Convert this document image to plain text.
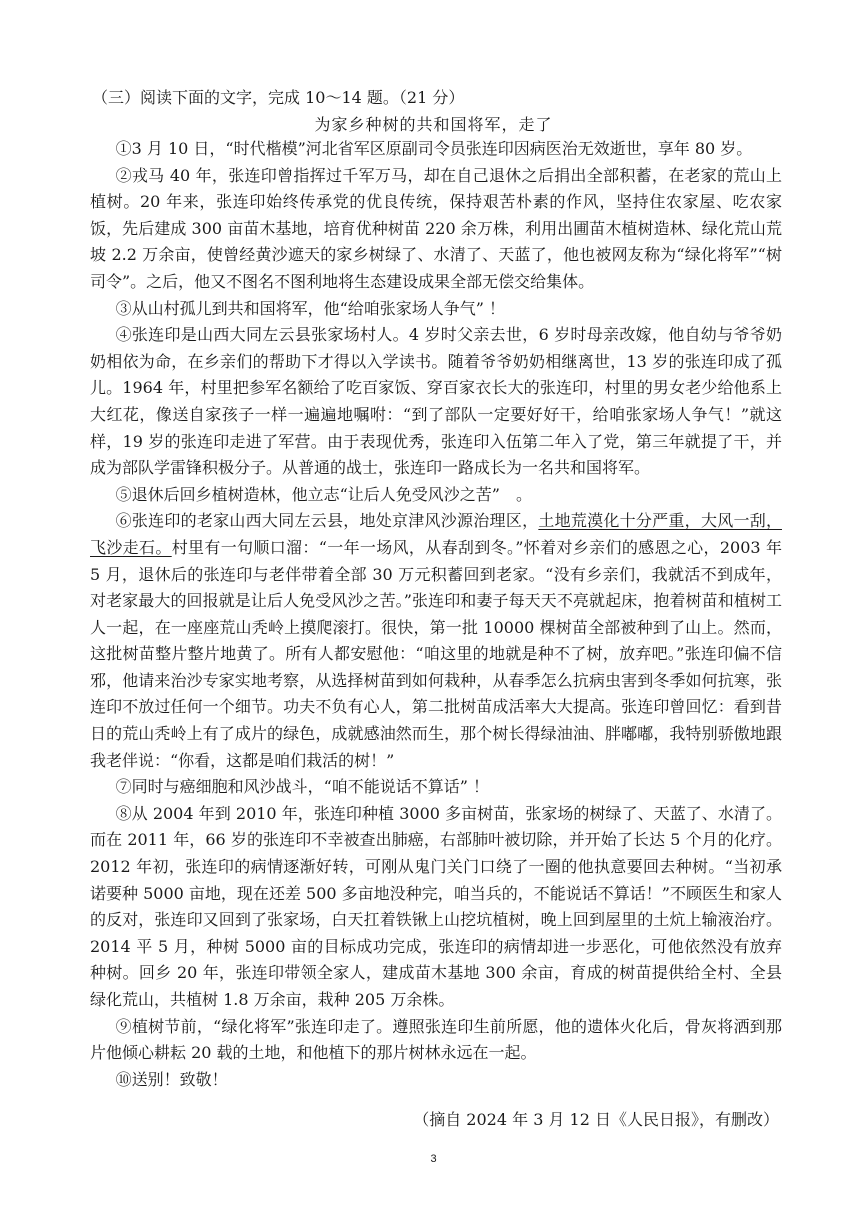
（三）阅读下面的文字，完成 10～14 题。（21 分）
为家乡种树的共和国将军，走了

①3 月 10 日，“时代楷模”河北省军区原副司令员张连印因病医治无效逝世，享年 80 岁。

②戎马 40 年，张连印曾指挥过千军万马，却在自己退休之后捐出全部积蓄，在老家的荒山上植树。20 年来，张连印始终传承党的优良传统，保持艰苦朴素的作风，坚持住农家屋、吃农家饭，先后建成 300 亩苗木基地，培育优种树苗 220 余万株，利用出圃苗木植树造林、绿化荒山荒坡 2.2 万余亩，使曾经黄沙遮天的家乡树绿了、水清了、天蓝了，他也被网友称为“绿化将军”“树司令”。之后，他又不图名不图利地将生态建设成果全部无偿交给集体。

③从山村孤儿到共和国将军，他“给咱张家场人争气” ！

④张连印是山西大同左云县张家场村人。4 岁时父亲去世，6 岁时母亲改嫁，他自幼与爷爷奶奶相依为命，在乡亲们的帮助下才得以入学读书。随着爷爷奶奶相继离世，13 岁的张连印成了孤儿。1964 年，村里把参军名额给了吃百家饭、穿百家衣长大的张连印，村里的男女老少给他系上大红花，像送自家孩子一样一遍遍地嘱咐：“到了部队一定要好好干，给咱张家场人争气！”就这样，19 岁的张连印走进了军营。由于表现优秀，张连印入伍第二年入了党，第三年就提了干，并成为部队学雷锋积极分子。从普通的战士，张连印一路成长为一名共和国将军。

⑤退休后回乡植树造林，他立志“让后人免受风沙之苦”　。

⑥张连印的老家山西大同左云县，地处京津风沙源治理区，土地荒漠化十分严重，大风一刮，飞沙走石。村里有一句顺口溜：“一年一场风，从春刮到冬。”怀着对乡亲们的感恩之心，2003 年 5 月，退休后的张连印与老伴带着全部 30 万元积蓄回到老家。“没有乡亲们，我就活不到成年，对老家最大的回报就是让后人免受风沙之苦。”张连印和妻子每天天不亮就起床，抱着树苗和植树工人一起，在一座座荒山秃岭上摸爬滚打。很快，第一批 10000 棵树苗全部被种到了山上。然而，这批树苗整片整片地黄了。所有人都安慰他：“咱这里的地就是种不了树，放弃吧。”张连印偏不信邪，他请来治沙专家实地考察，从选择树苗到如何栽种，从春季怎么抗病虫害到冬季如何抗寒，张连印不放过任何一个细节。功夫不负有心人，第二批树苗成活率大大提高。张连印曾回忆：看到昔日的荒山秃岭上有了成片的绿色，成就感油然而生，那个树长得绿油油、胖嘟嘟，我特别骄傲地跟我老伴说：“你看，这都是咱们栽活的树！”

⑦同时与癌细胞和风沙战斗，“咱不能说话不算话” ！

⑧从 2004 年到 2010 年，张连印种植 3000 多亩树苗，张家场的树绿了、天蓝了、水清了。而在 2011 年，66 岁的张连印不幸被查出肺癌，右部肺叶被切除，并开始了长达 5 个月的化疗。2012 年初，张连印的病情逐渐好转，可刚从鬼门关门口绕了一圈的他执意要回去种树。“当初承诺要种 5000 亩地，现在还差 500 多亩地没种完，咱当兵的，不能说话不算话！”不顾医生和家人的反对，张连印又回到了张家场，白天扛着铁锹上山挖坑植树，晚上回到屋里的土炕上输液治疗。2014 平 5 月，种树 5000 亩的目标成功完成，张连印的病情却进一步恶化，可他依然没有放弃种树。回乡 20 年，张连印带领全家人，建成苗木基地 300 余亩，育成的树苗提供给全村、全县绿化荒山，共植树 1.8 万余亩，栽种 205 万余株。

⑨植树节前，“绿化将军”张连印走了。遵照张连印生前所愿，他的遗体火化后，骨灰将洒到那片他倾心耕耘 20 载的土地，和他植下的那片树林永远在一起。

⑩送别！致敬！

（摘自 2024 年 3 月 12 日《人民日报》，有删改）
3
